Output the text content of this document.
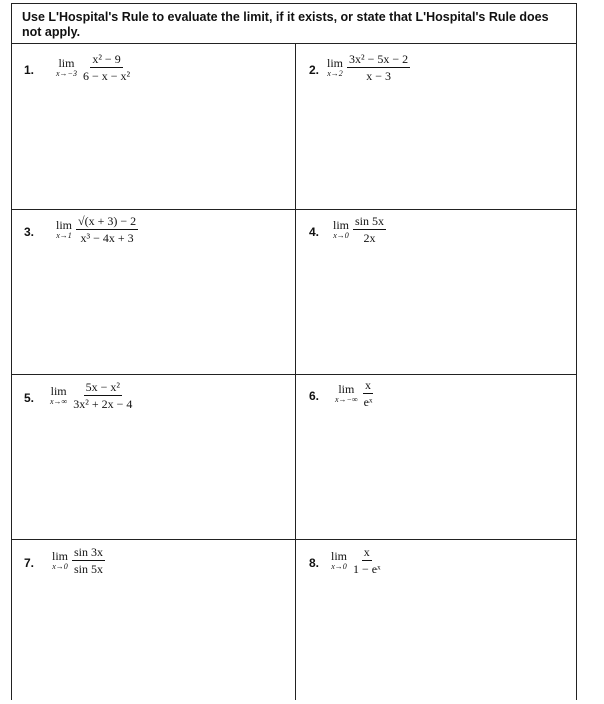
Use L'Hospital's Rule to evaluate the limit, if it exists, or state that L'Hospital's Rule does not apply.
1. lim
$x\to-3 \frac{\text{x² − 9}}{\text{6 − x − x²}}$	2. lim
$x\to 2 \frac{\text{3x² − 5x − 2}}{x - 3}$
3. lim
$x\to 1 \frac{√(x + 3) - 2}{\text{x³ − 4x + 3}}$	4. lim
$x\to 0 \frac{\sin 5x}{2x}$
5. lim
$x\to\infty \frac{\text{5x − x²}}{\text{3x² + 2x − 4}}$	6. lim
$x\to-\infty \frac{x}{\text{eˣ}}$
7. lim
$x\to 0 \frac{\sin 3x}{\sin 5x}$	8. lim
$x\to 0 \frac{x}{\text{1 − eˣ}}$
